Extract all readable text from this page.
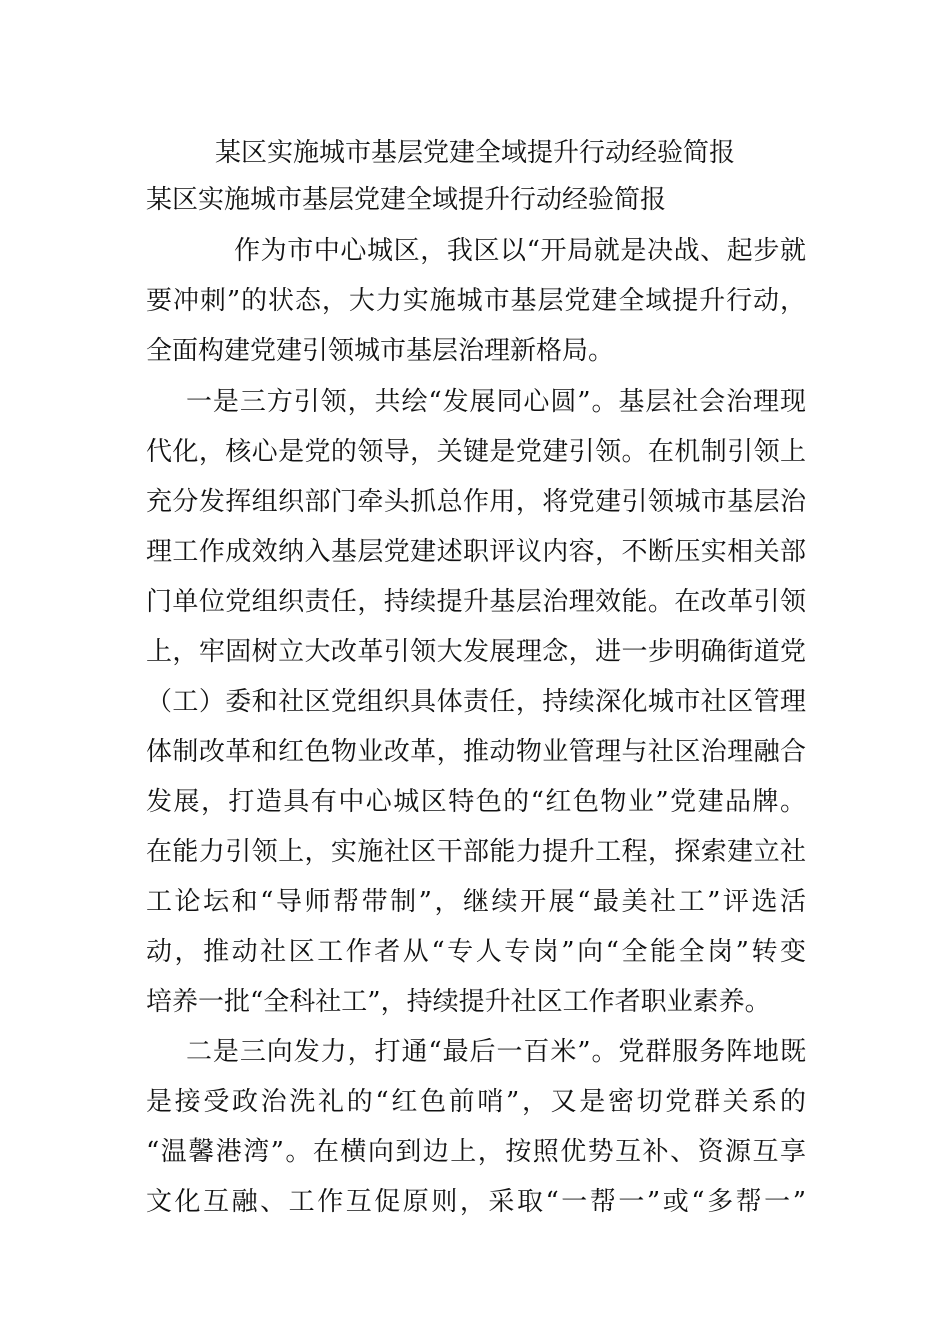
某区实施城市基层党建全域提升行动经验简报
某区实施城市基层党建全域提升行动经验简报
作为市中心城区，我区以“开局就是决战、起步就
要冲刺”的状态，大力实施城市基层党建全域提升行动，
全面构建党建引领城市基层治理新格局。
一是三方引领，共绘“发展同心圆”。基层社会治理现
代化，核心是党的领导，关键是党建引领。在机制引领上
充分发挥组织部门牵头抓总作用，将党建引领城市基层治
理工作成效纳入基层党建述职评议内容，不断压实相关部
门单位党组织责任，持续提升基层治理效能。在改革引领
上，牢固树立大改革引领大发展理念，进一步明确街道党
（工）委和社区党组织具体责任，持续深化城市社区管理
体制改革和红色物业改革，推动物业管理与社区治理融合
发展，打造具有中心城区特色的“红色物业”党建品牌。
在能力引领上，实施社区干部能力提升工程，探索建立社
工论坛和“导师帮带制”，继续开展“最美社工”评选活
动，推动社区工作者从“专人专岗”向“全能全岗”转变
培养一批“全科社工”，持续提升社区工作者职业素养。
二是三向发力，打通“最后一百米”。党群服务阵地既
是接受政治洗礼的“红色前哨”，又是密切党群关系的
“温馨港湾”。在横向到边上，按照优势互补、资源互享
文化互融、工作互促原则，采取“一帮一”或“多帮一”
